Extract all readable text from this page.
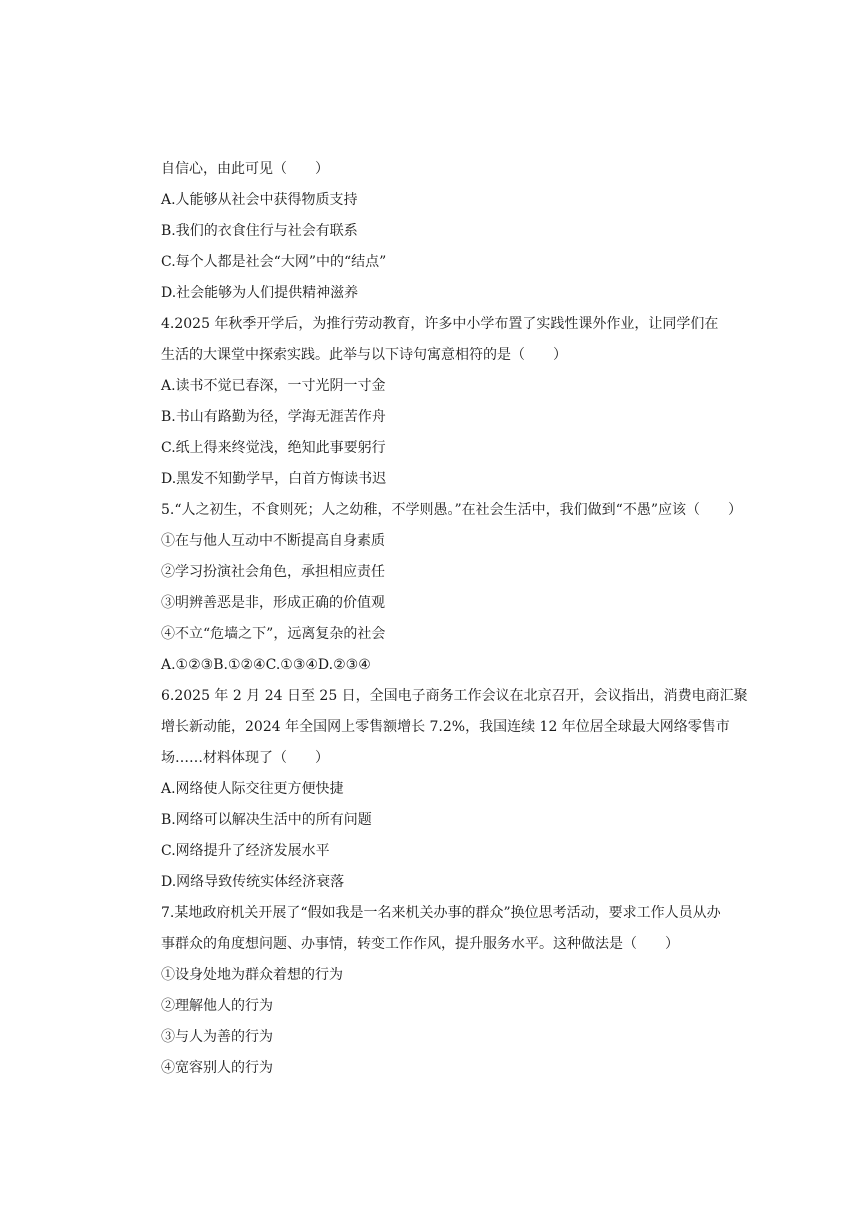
自信心，由此可见（　　）
A.人能够从社会中获得物质支持
B.我们的衣食住行与社会有联系
C.每个人都是社会“大网”中的“结点”
D.社会能够为人们提供精神滋养
4.2025 年秋季开学后，为推行劳动教育，许多中小学布置了实践性课外作业，让同学们在
生活的大课堂中探索实践。此举与以下诗句寓意相符的是（　　）
A.读书不觉已春深，一寸光阴一寸金
B.书山有路勤为径，学海无涯苦作舟
C.纸上得来终觉浅，绝知此事要躬行
D.黑发不知勤学早，白首方悔读书迟
5.“人之初生，不食则死；人之幼稚，不学则愚。”在社会生活中，我们做到“不愚”应该（　　）
①在与他人互动中不断提高自身素质
②学习扮演社会角色，承担相应责任
③明辨善恶是非，形成正确的价值观
④不立“危墙之下”，远离复杂的社会
A.①②③B.①②④C.①③④D.②③④
6.2025 年 2 月 24 日至 25 日，全国电子商务工作会议在北京召开，会议指出，消费电商汇聚
增长新动能，2024 年全国网上零售额增长 7.2%，我国连续 12 年位居全球最大网络零售市
场……材料体现了（　　）
A.网络使人际交往更方便快捷
B.网络可以解决生活中的所有问题
C.网络提升了经济发展水平
D.网络导致传统实体经济衰落
7.某地政府机关开展了“假如我是一名来机关办事的群众”换位思考活动，要求工作人员从办
事群众的角度想问题、办事情，转变工作作风，提升服务水平。这种做法是（　　）
①设身处地为群众着想的行为
②理解他人的行为
③与人为善的行为
④宽容别人的行为
